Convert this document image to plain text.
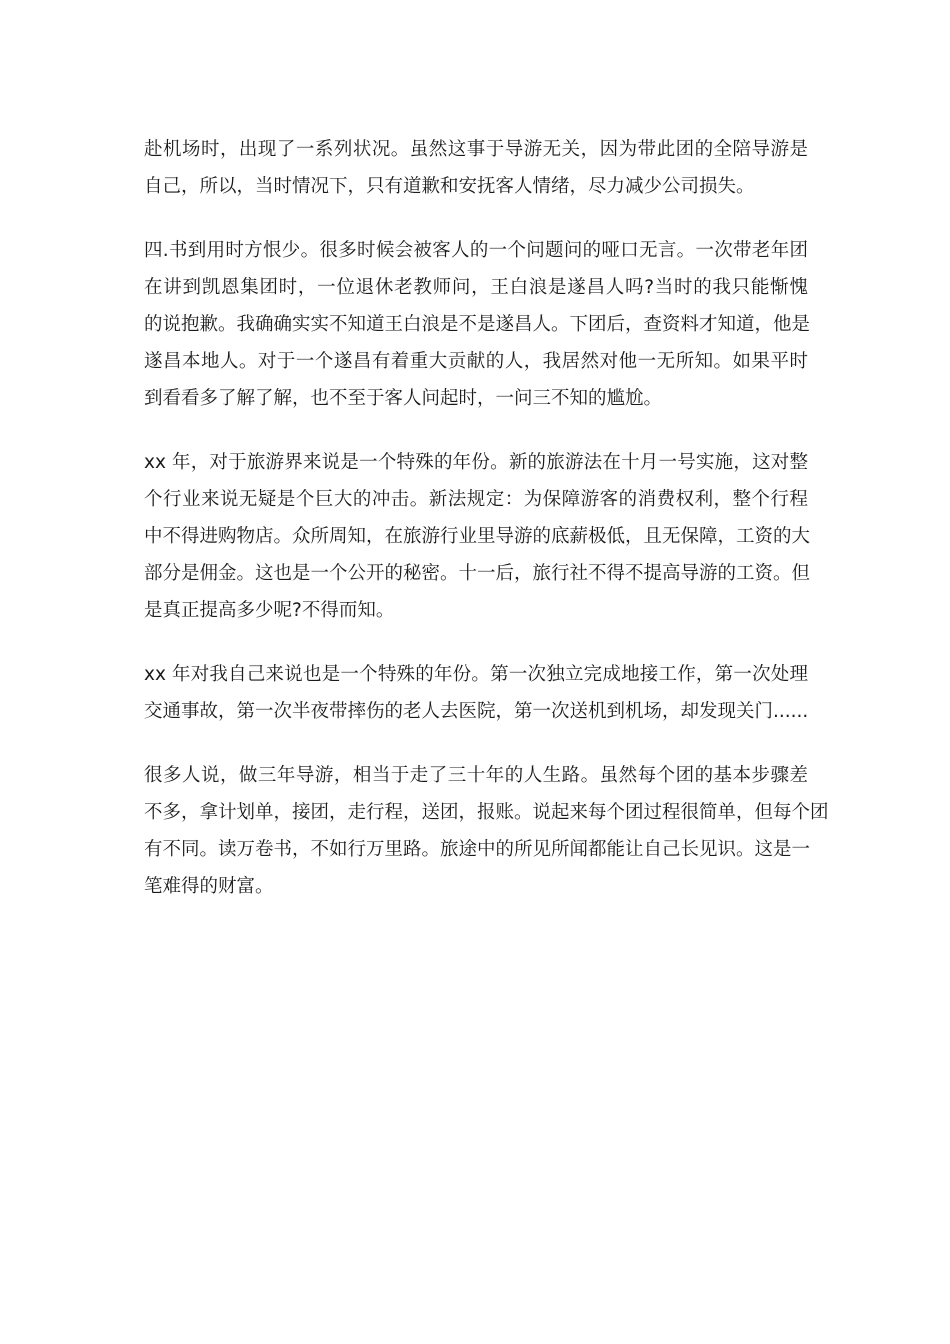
赴机场时，出现了一系列状况。虽然这事于导游无关，因为带此团的全陪导游是
自己，所以，当时情况下，只有道歉和安抚客人情绪，尽力减少公司损失。

四.书到用时方恨少。很多时候会被客人的一个问题问的哑口无言。一次带老年团
在讲到凯恩集团时，一位退休老教师问，王白浪是遂昌人吗?当时的我只能惭愧
的说抱歉。我确确实实不知道王白浪是不是遂昌人。下团后，查资料才知道，他是
遂昌本地人。对于一个遂昌有着重大贡献的人，我居然对他一无所知。如果平时
到看看多了解了解，也不至于客人问起时，一问三不知的尴尬。

xx 年，对于旅游界来说是一个特殊的年份。新的旅游法在十月一号实施，这对整
个行业来说无疑是个巨大的冲击。新法规定：为保障游客的消费权利，整个行程
中不得进购物店。众所周知，在旅游行业里导游的底薪极低，且无保障，工资的大
部分是佣金。这也是一个公开的秘密。十一后，旅行社不得不提高导游的工资。但
是真正提高多少呢?不得而知。

xx 年对我自己来说也是一个特殊的年份。第一次独立完成地接工作，第一次处理
交通事故，第一次半夜带摔伤的老人去医院，第一次送机到机场，却发现关门......

很多人说，做三年导游，相当于走了三十年的人生路。虽然每个团的基本步骤差
不多，拿计划单，接团，走行程，送团，报账。说起来每个团过程很简单，但每个团
有不同。读万卷书，不如行万里路。旅途中的所见所闻都能让自己长见识。这是一
笔难得的财富。
